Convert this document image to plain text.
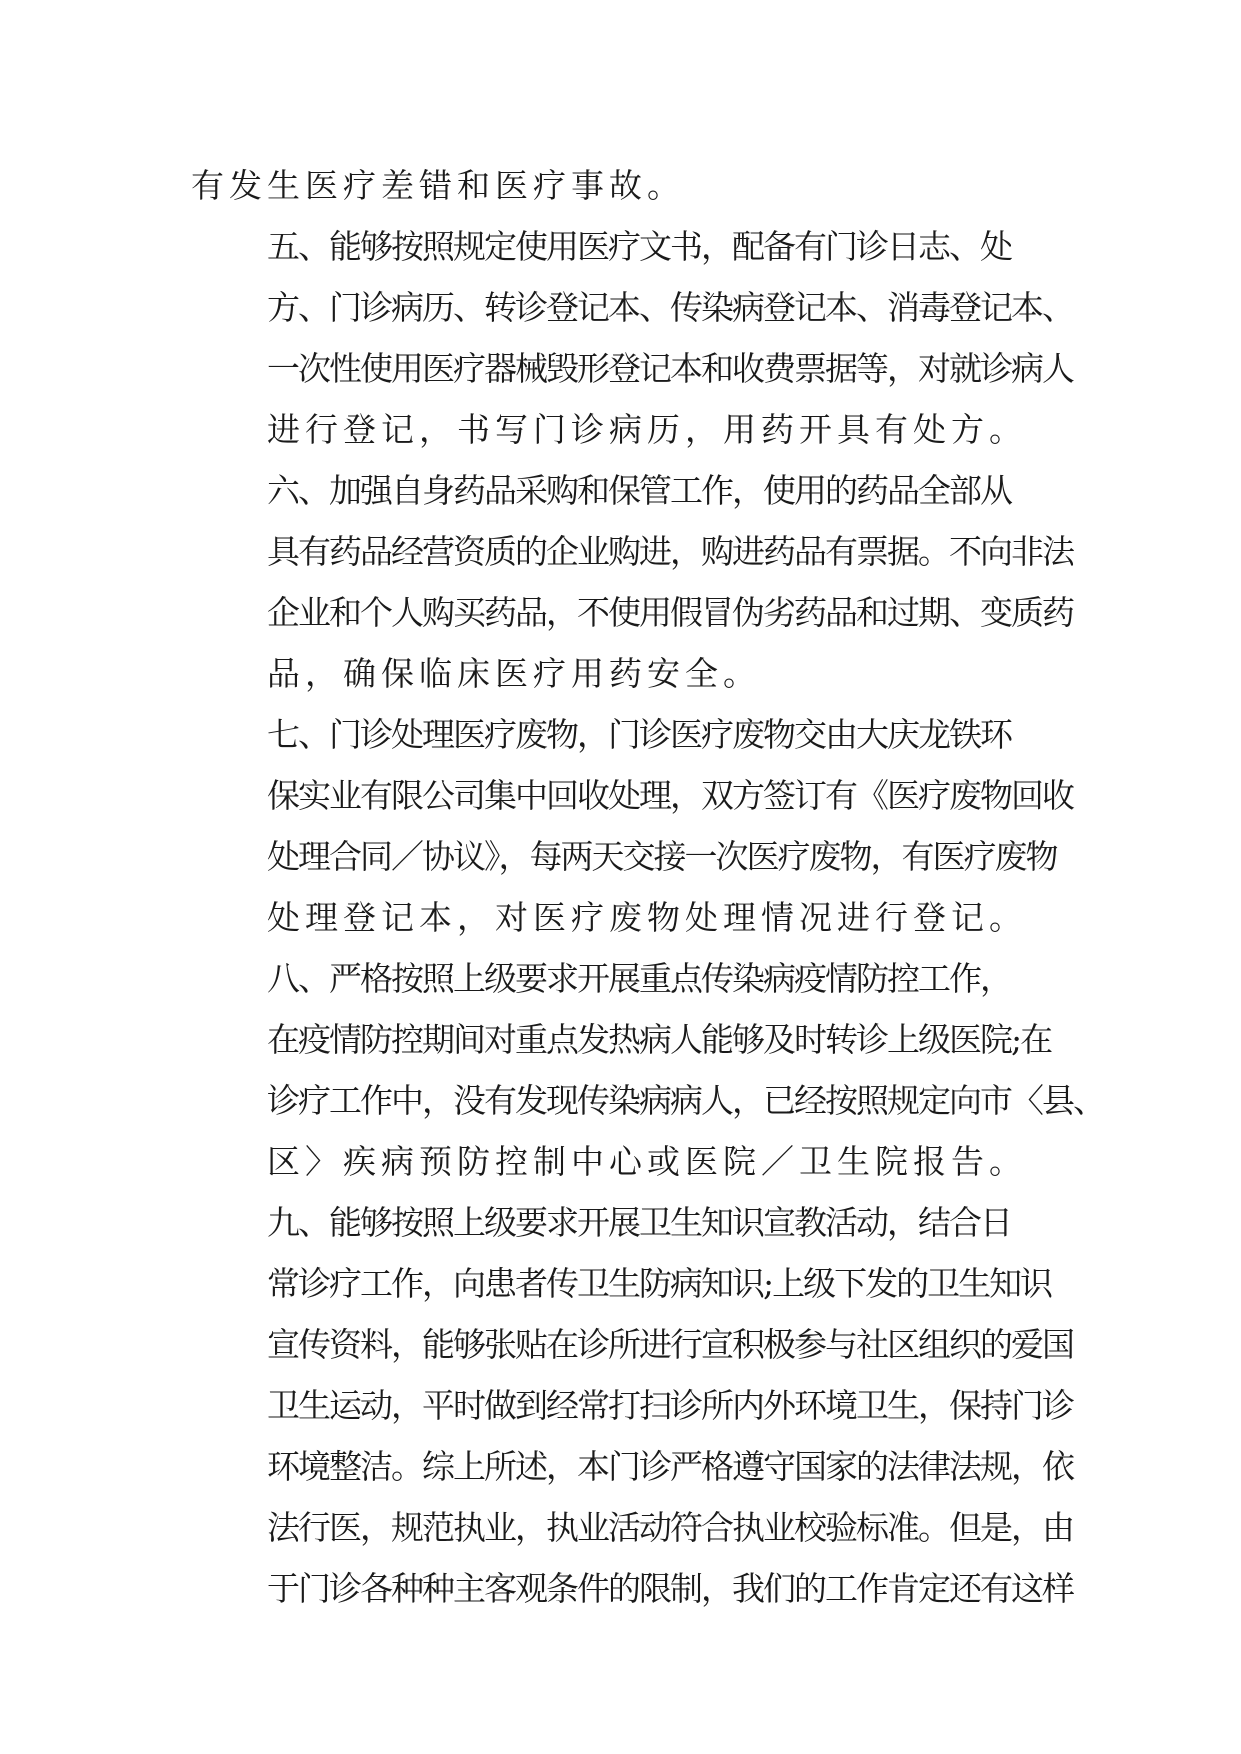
有发生医疗差错和医疗事故。

五、能够按照规定使用医疗文书，配备有门诊日志、处
方、门诊病历、转诊登记本、传染病登记本、消毒登记本、
一次性使用医疗器械毁形登记本和收费票据等，对就诊病人
进行登记，书写门诊病历，用药开具有处方。

六、加强自身药品采购和保管工作，使用的药品全部从
具有药品经营资质的企业购进，购进药品有票据。不向非法
企业和个人购买药品，不使用假冒伪劣药品和过期、变质药
品，确保临床医疗用药安全。

七、门诊处理医疗废物，门诊医疗废物交由大庆龙铁环
保实业有限公司集中回收处理，双方签订有《医疗废物回收
处理合同／协议》，每两天交接一次医疗废物，有医疗废物
处理登记本，对医疗废物处理情况进行登记。

八、严格按照上级要求开展重点传染病疫情防控工作，
在疫情防控期间对重点发热病人能够及时转诊上级医院;在
诊疗工作中，没有发现传染病病人，已经按照规定向市〈县、
区〉疾病预防控制中心或医院／卫生院报告。

九、能够按照上级要求开展卫生知识宣教活动，结合日
常诊疗工作，向患者传卫生防病知识;上级下发的卫生知识
宣传资料，能够张贴在诊所进行宣积极参与社区组织的爱国
卫生运动，平时做到经常打扫诊所内外环境卫生，保持门诊
环境整洁。综上所述，本门诊严格遵守国家的法律法规，依
法行医，规范执业，执业活动符合执业校验标准。但是，由
于门诊各种种主客观条件的限制，我们的工作肯定还有这样
